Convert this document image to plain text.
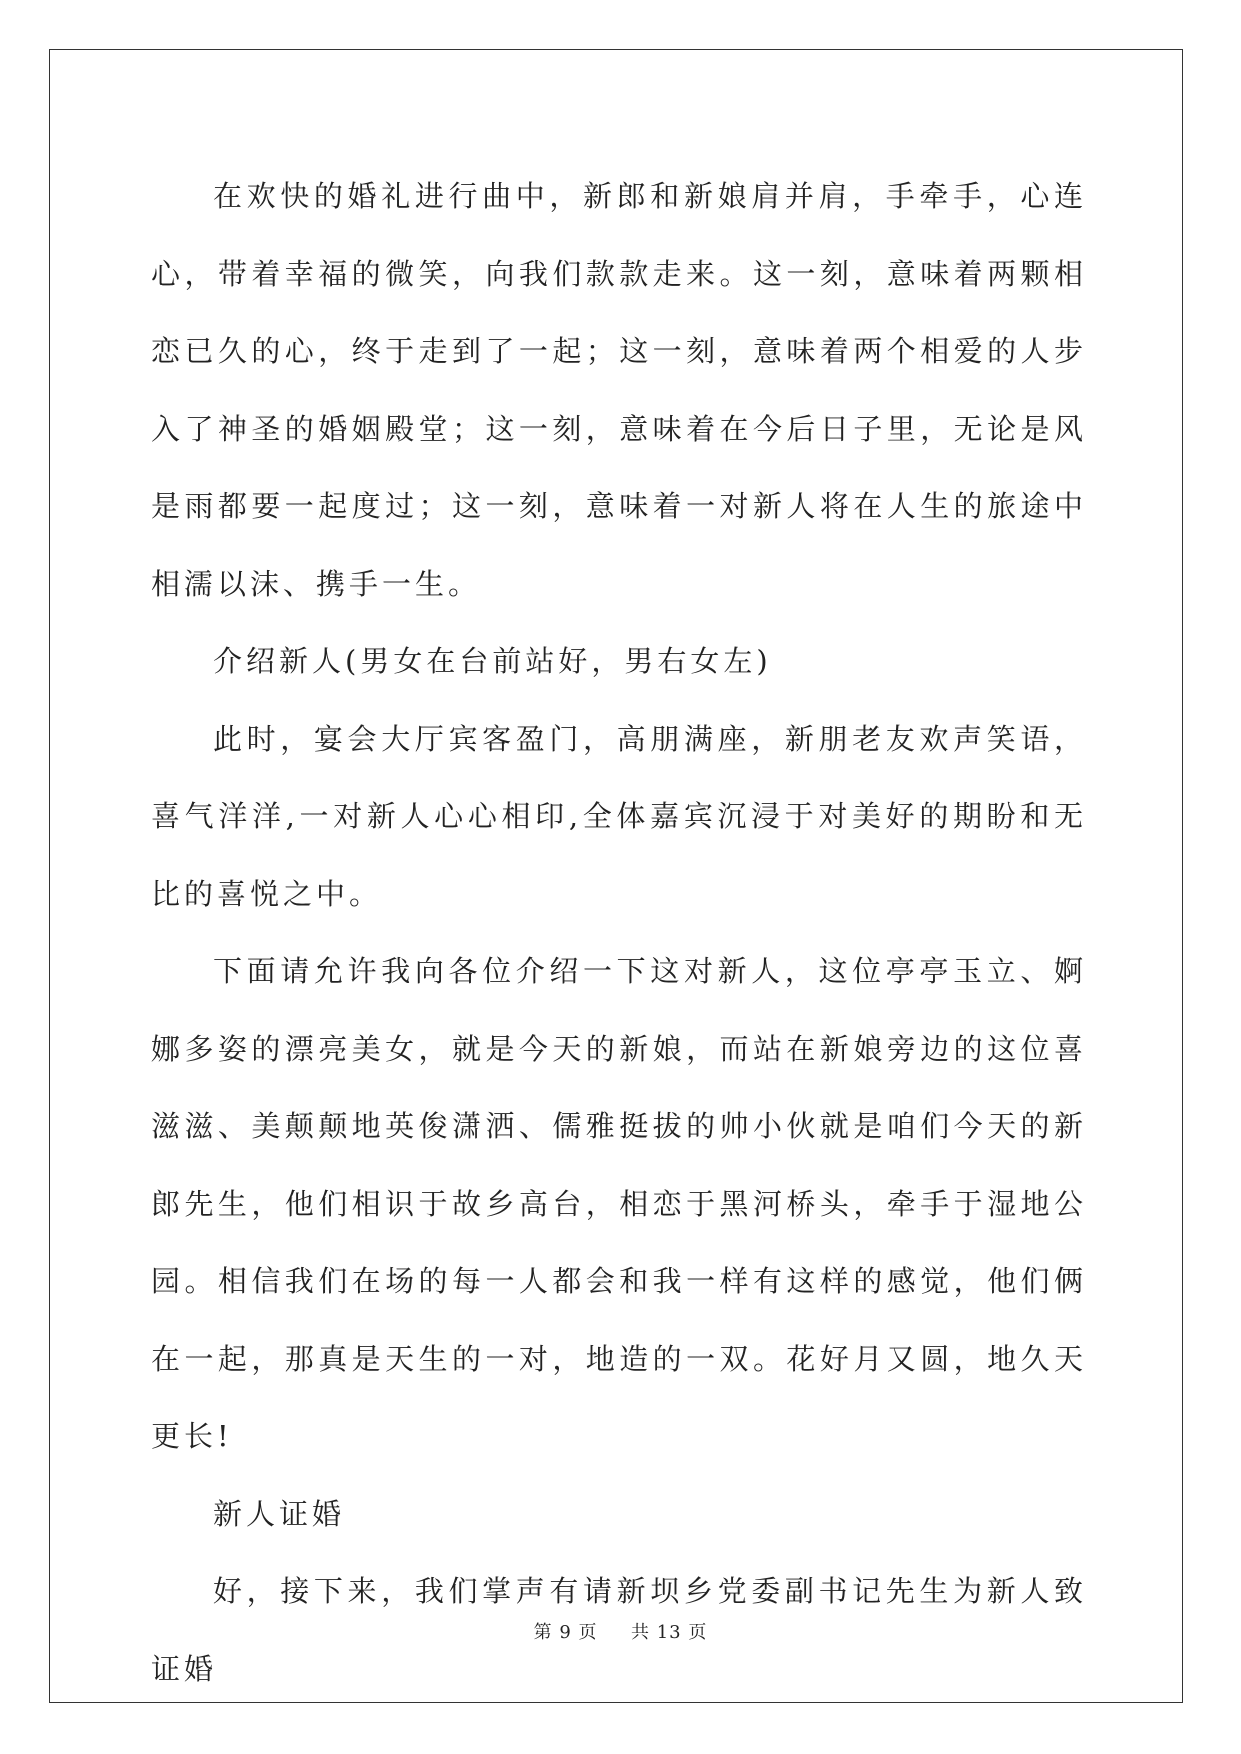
在欢快的婚礼进行曲中，新郎和新娘肩并肩，手牵手，心连心，带着幸福的微笑，向我们款款走来。这一刻，意味着两颗相恋已久的心，终于走到了一起；这一刻，意味着两个相爱的人步入了神圣的婚姻殿堂；这一刻，意味着在今后日子里，无论是风是雨都要一起度过；这一刻，意味着一对新人将在人生的旅途中相濡以沫、携手一生。

介绍新人(男女在台前站好，男右女左)

此时，宴会大厅宾客盈门，高朋满座，新朋老友欢声笑语，喜气洋洋,一对新人心心相印,全体嘉宾沉浸于对美好的期盼和无比的喜悦之中。

下面请允许我向各位介绍一下这对新人，这位亭亭玉立、婀娜多姿的漂亮美女，就是今天的新娘，而站在新娘旁边的这位喜滋滋、美颠颠地英俊潇洒、儒雅挺拔的帅小伙就是咱们今天的新郎先生，他们相识于故乡高台，相恋于黑河桥头，牵手于湿地公园。相信我们在场的每一人都会和我一样有这样的感觉，他们俩在一起，那真是天生的一对，地造的一双。花好月又圆，地久天更长!

新人证婚

好，接下来，我们掌声有请新坝乡党委副书记先生为新人致证婚

第 9 页 共 13 页
